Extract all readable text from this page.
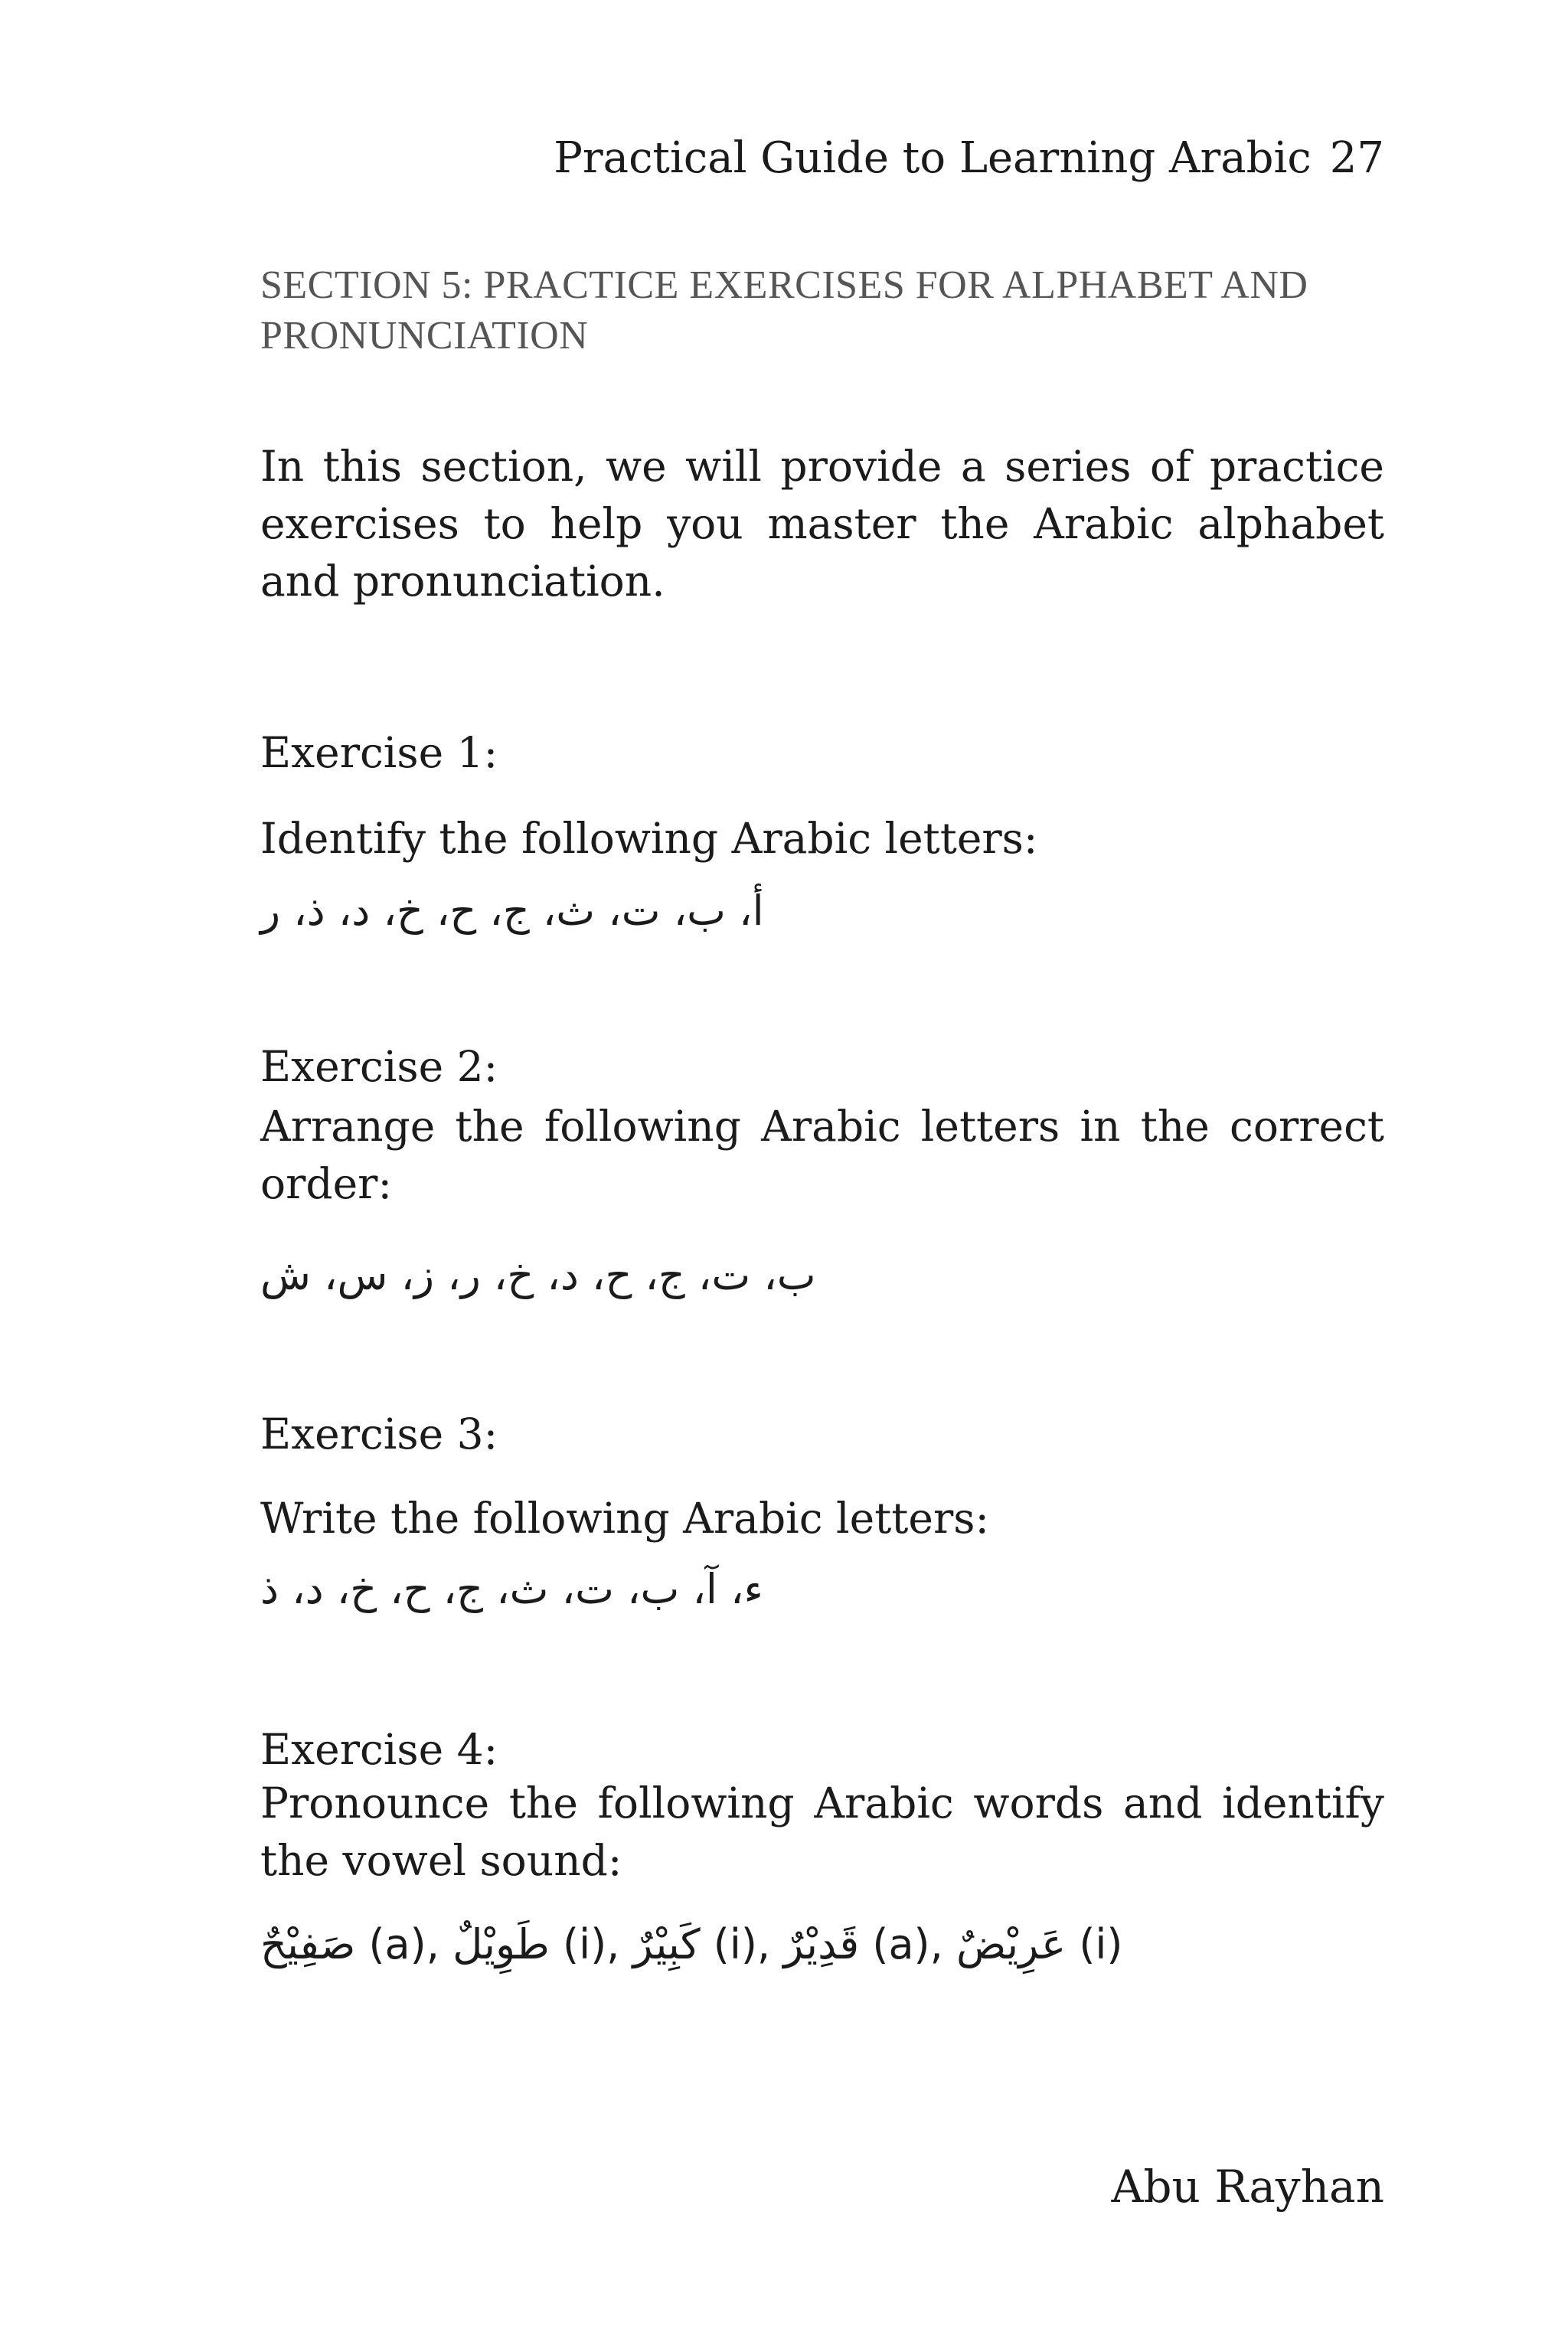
Practical Guide to Learning Arabic 27
SECTION 5: PRACTICE EXERCISES FOR ALPHABET AND PRONUNCIATION
In this section, we will provide a series of practice exercises to help you master the Arabic alphabet and pronunciation.
Exercise 1:
Identify the following Arabic letters:
أ، ب، ت، ث، ج، ح، خ، د، ذ، ر
Exercise 2:
Arrange the following Arabic letters in the correct order:
ب، ت، ج، ح، د، خ، ر، ز، س، ش
Exercise 3:
Write the following Arabic letters:
ء، آ، ب، ت، ث، ج، ح، خ، د، ذ
Exercise 4:
Pronounce the following Arabic words and identify the vowel sound:
صَفِيْحٌ (a), طَوِيْلٌ (i), كَبِيْرٌ (i), قَدِيْرٌ (a), عَرِيْضٌ (i)
Abu Rayhan
